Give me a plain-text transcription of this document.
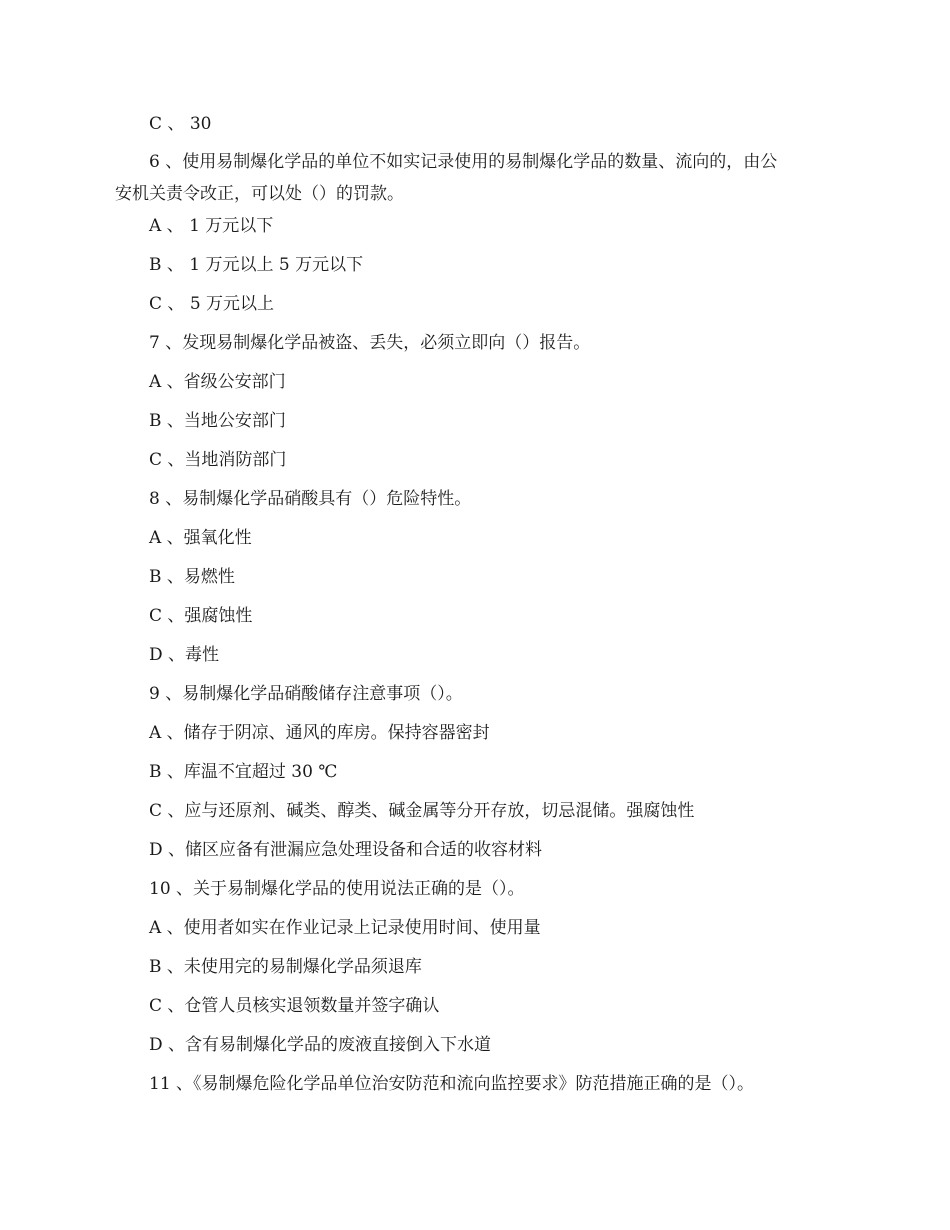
C 、 30
6 、使用易制爆化学品的单位不如实记录使用的易制爆化学品的数量、流向的，由公
安机关责令改正，可以处（）的罚款。
A 、 1 万元以下
B 、 1 万元以上 5 万元以下
C 、 5 万元以上
7 、发现易制爆化学品被盗、丢失，必须立即向（）报告。
A 、省级公安部门
B 、当地公安部门
C 、当地消防部门
8 、易制爆化学品硝酸具有（）危险特性。
A 、强氧化性
B 、易燃性
C 、强腐蚀性
D 、毒性
9 、易制爆化学品硝酸储存注意事项（）。
A 、储存于阴凉、通风的库房。保持容器密封
B 、库温不宜超过 30 ℃
C 、应与还原剂、碱类、醇类、碱金属等分开存放，切忌混储。强腐蚀性
D 、储区应备有泄漏应急处理设备和合适的收容材料
10 、关于易制爆化学品的使用说法正确的是（）。
A 、使用者如实在作业记录上记录使用时间、使用量
B 、未使用完的易制爆化学品须退库
C 、仓管人员核实退领数量并签字确认
D 、含有易制爆化学品的废液直接倒入下水道
11 、《易制爆危险化学品单位治安防范和流向监控要求》防范措施正确的是（）。
